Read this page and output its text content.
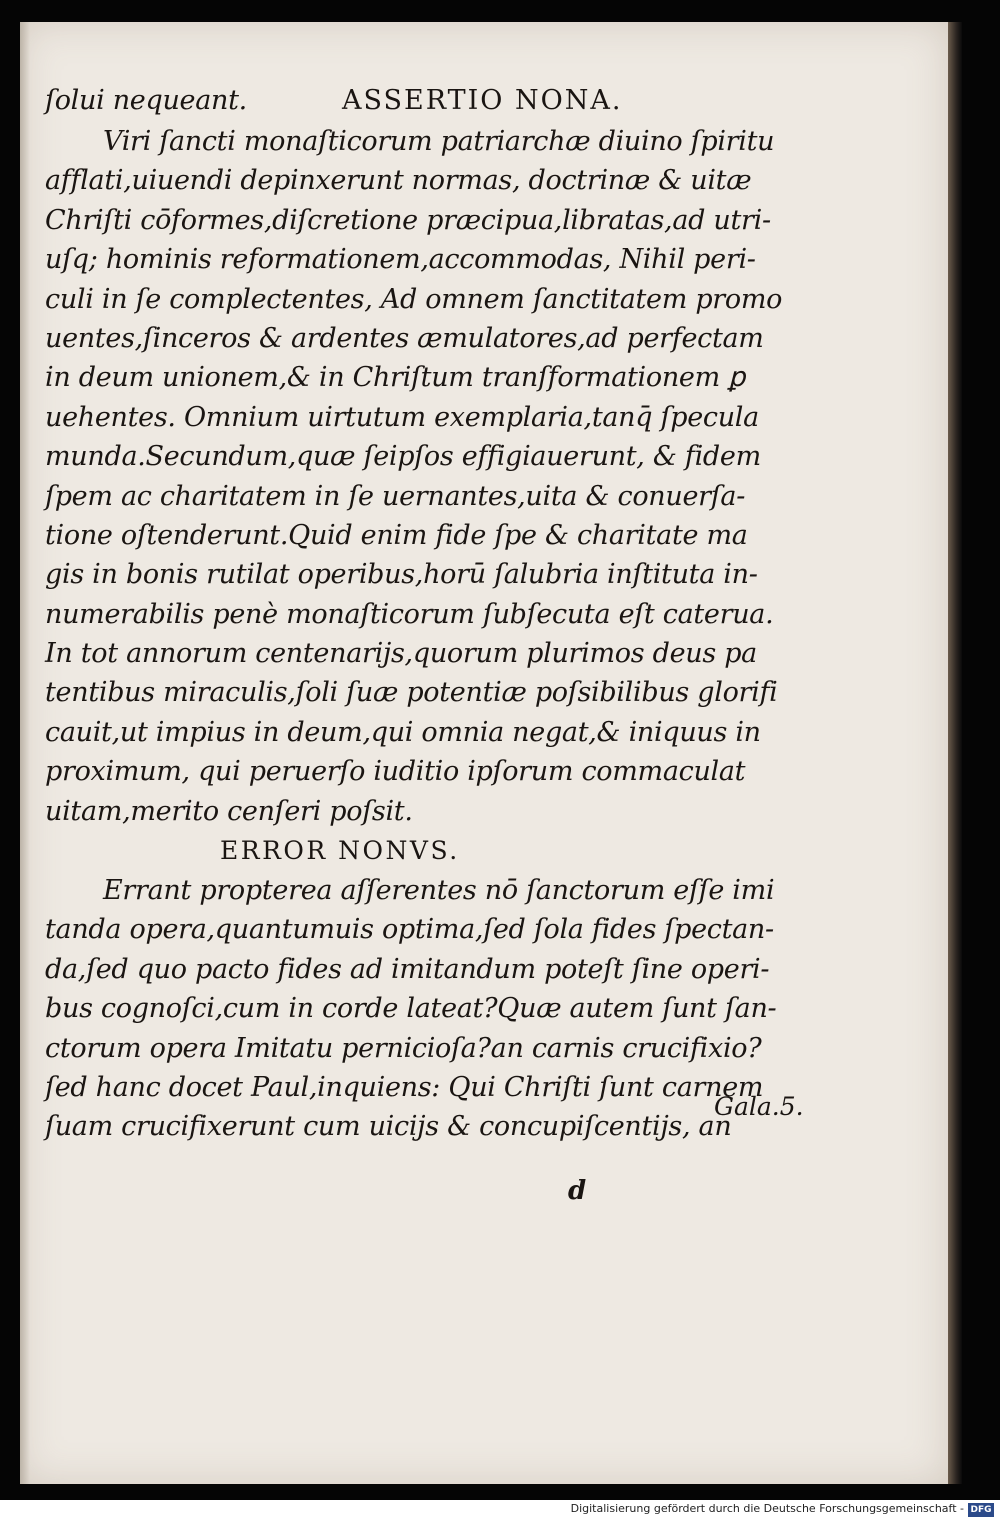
ſolui nequeant.	ASSERTIO NONA.
Viri ſancti monaſticorum patriarchæ diuino ſpiritu
afflati,uiuendi depinxerunt normas, doctrinæ & uitæ
Chriſti cōformes,diſcretione præcipua,libratas,ad utri-
uſq; hominis reformationem,accommodas, Nihil peri-
culi in ſe complectentes, Ad omnem ſanctitatem promo
uentes,ſinceros & ardentes æmulatores,ad perfectam
in deum unionem,& in Chriſtum tranſformationem ꝑ
uehentes. Omnium uirtutum exemplaria,tanq̄ ſpecula
munda.Secundum,quæ ſeipſos effigiauerunt, & fidem
ſpem ac charitatem in ſe uernantes,uita & conuerſa-
tione oſtenderunt.Quid enim fide ſpe & charitate ma
gis in bonis rutilat operibus,horū ſalubria inſtituta in-
numerabilis penè monaſticorum ſubſecuta eſt caterua.
In tot annorum centenarijs,quorum plurimos deus pa
tentibus miraculis,ſoli ſuæ potentiæ poſsibilibus glorifi
cauit,ut impius in deum,qui omnia negat,& iniquus in
proximum, qui peruerſo iuditio ipſorum commaculat
uitam,merito cenſeri poſsit.
ERROR NONVS.
Errant propterea aſſerentes nō ſanctorum eſſe imi
tanda opera,quantumuis optima,ſed ſola fides ſpectan-
da,ſed quo pacto fides ad imitandum poteſt ſine operi-
bus cognoſci,cum in corde lateat?Quæ autem ſunt ſan-
ctorum opera Imitatu pernicioſa?an carnis crucifixio?
ſed hanc docet Paul,inquiens: Qui Chriſti ſunt carnem
ſuam crucifixerunt cum uicijs & concupiſcentijs, an
Gala.5.
d
Digitalisierung gefördert durch die Deutsche Forschungsgemeinschaft - DFG
